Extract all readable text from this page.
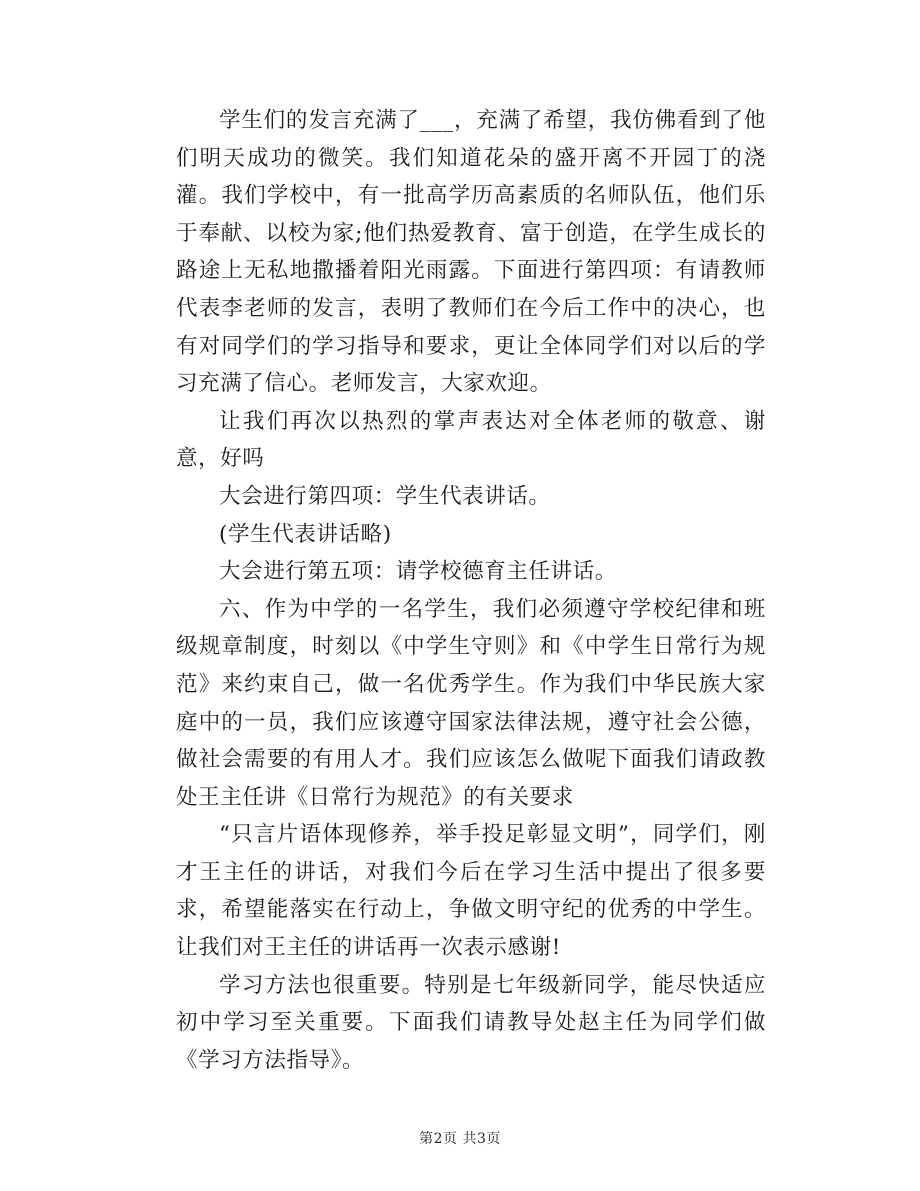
学生们的发言充满了___，充满了希望，我仿佛看到了他们明天成功的微笑。我们知道花朵的盛开离不开园丁的浇灌。我们学校中，有一批高学历高素质的名师队伍，他们乐于奉献、以校为家;他们热爱教育、富于创造，在学生成长的路途上无私地撒播着阳光雨露。下面进行第四项：有请教师代表李老师的发言，表明了教师们在今后工作中的决心，也有对同学们的学习指导和要求，更让全体同学们对以后的学习充满了信心。老师发言，大家欢迎。

让我们再次以热烈的掌声表达对全体老师的敬意、谢意，好吗

大会进行第四项：学生代表讲话。

(学生代表讲话略)

大会进行第五项：请学校德育主任讲话。

六、作为中学的一名学生，我们必须遵守学校纪律和班级规章制度，时刻以《中学生守则》和《中学生日常行为规范》来约束自己，做一名优秀学生。作为我们中华民族大家庭中的一员，我们应该遵守国家法律法规，遵守社会公德，做社会需要的有用人才。我们应该怎么做呢下面我们请政教处王主任讲《日常行为规范》的有关要求

“只言片语体现修养，举手投足彰显文明”，同学们，刚才王主任的讲话，对我们今后在学习生活中提出了很多要求，希望能落实在行动上，争做文明守纪的优秀的中学生。让我们对王主任的讲话再一次表示感谢!

学习方法也很重要。特别是七年级新同学，能尽快适应初中学习至关重要。下面我们请教导处赵主任为同学们做《学习方法指导》。

第2页 共3页
